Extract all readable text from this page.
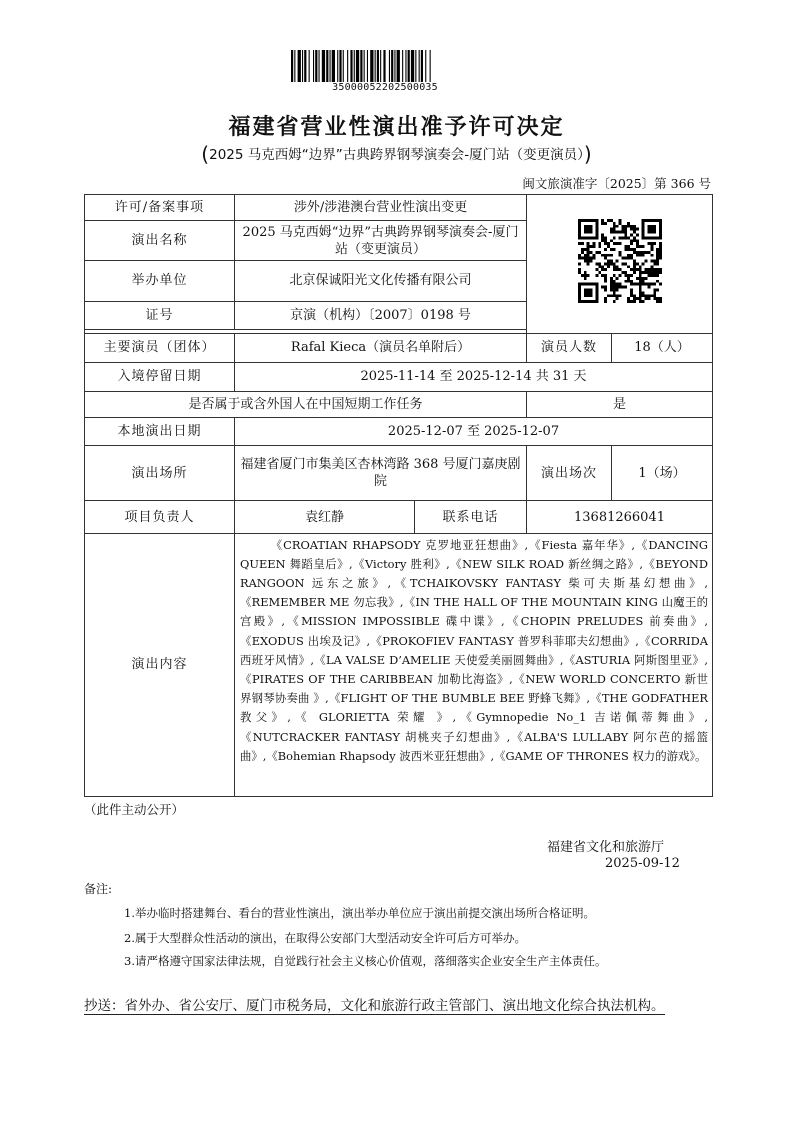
35000052202500035
福建省营业性演出准予许可决定
(2025 马克西姆“边界”古典跨界钢琴演奏会-厦门站（变更演员）)
闽文旅演准字〔2025〕第 366 号
许可/备案事项	涉外/涉港澳台营业性演出变更	
演出名称	2025 马克西姆“边界”古典跨界钢琴演奏会-厦门站（变更演员）			
举办单位	北京保诚阳光文化传播有限公司			
证号	京演（机构）〔2007〕0198 号			

主要演员（团体）	Rafal Kieca（演员名单附后）		演员人数	18（人）
入境停留日期	2025-11-14 至 2025-12-14 共 31 天			
是否属于或含外国人在中国短期工作任务			是	
本地演出日期	2025-12-07 至 2025-12-07			
演出场所	福建省厦门市集美区杏林湾路 368 号厦门嘉庚剧院		演出场次	1（场）
项目负责人	袁红静	联系电话	13681266041	
演出内容	《CROATIAN RHAPSODY 克罗地亚狂想曲》,《Fiesta 嘉年华》,《DANCING QUEEN 舞蹈皇后》,《Victory 胜利》,《NEW SILK ROAD 新丝绸之路》,《BEYOND RANGOON 远东之旅》,《TCHAIKOVSKY FANTASY 柴可夫斯基幻想曲》,《REMEMBER ME 勿忘我》,《IN THE HALL OF THE MOUNTAIN KING 山魔王的宫殿》,《MISSION IMPOSSIBLE 碟中谍》,《CHOPIN PRELUDES 前奏曲》,《EXODUS 出埃及记》,《PROKOFIEV FANTASY 普罗科菲耶夫幻想曲》,《CORRIDA 西班牙风情》,《LA VALSE D’AMELIE 天使爱美丽圆舞曲》,《ASTURIA 阿斯图里亚》,《PIRATES OF THE CARIBBEAN 加勒比海盗》,《NEW WORLD CONCERTO 新世界钢琴协奏曲 》,《FLIGHT OF THE BUMBLE BEE 野蜂飞舞》,《THE GODFATHER 教父》,《 GLORIETTA 荣耀 》,《Gymnopedie No_1 吉诺佩蒂舞曲》,《NUTCRACKER FANTASY 胡桃夹子幻想曲》,《ALBA'S LULLABY 阿尔芭的摇篮曲》,《Bohemian Rhapsody 波西米亚狂想曲》,《GAME OF THRONES 权力的游戏》。			
（此件主动公开）
福建省文化和旅游厅
2025-09-12
备注:
1.举办临时搭建舞台、看台的营业性演出，演出举办单位应于演出前提交演出场所合格证明。
2.属于大型群众性活动的演出，在取得公安部门大型活动安全许可后方可举办。
3.请严格遵守国家法律法规，自觉践行社会主义核心价值观，落细落实企业安全生产主体责任。
抄送：省外办、省公安厅、厦门市税务局，文化和旅游行政主管部门、演出地文化综合执法机构。
